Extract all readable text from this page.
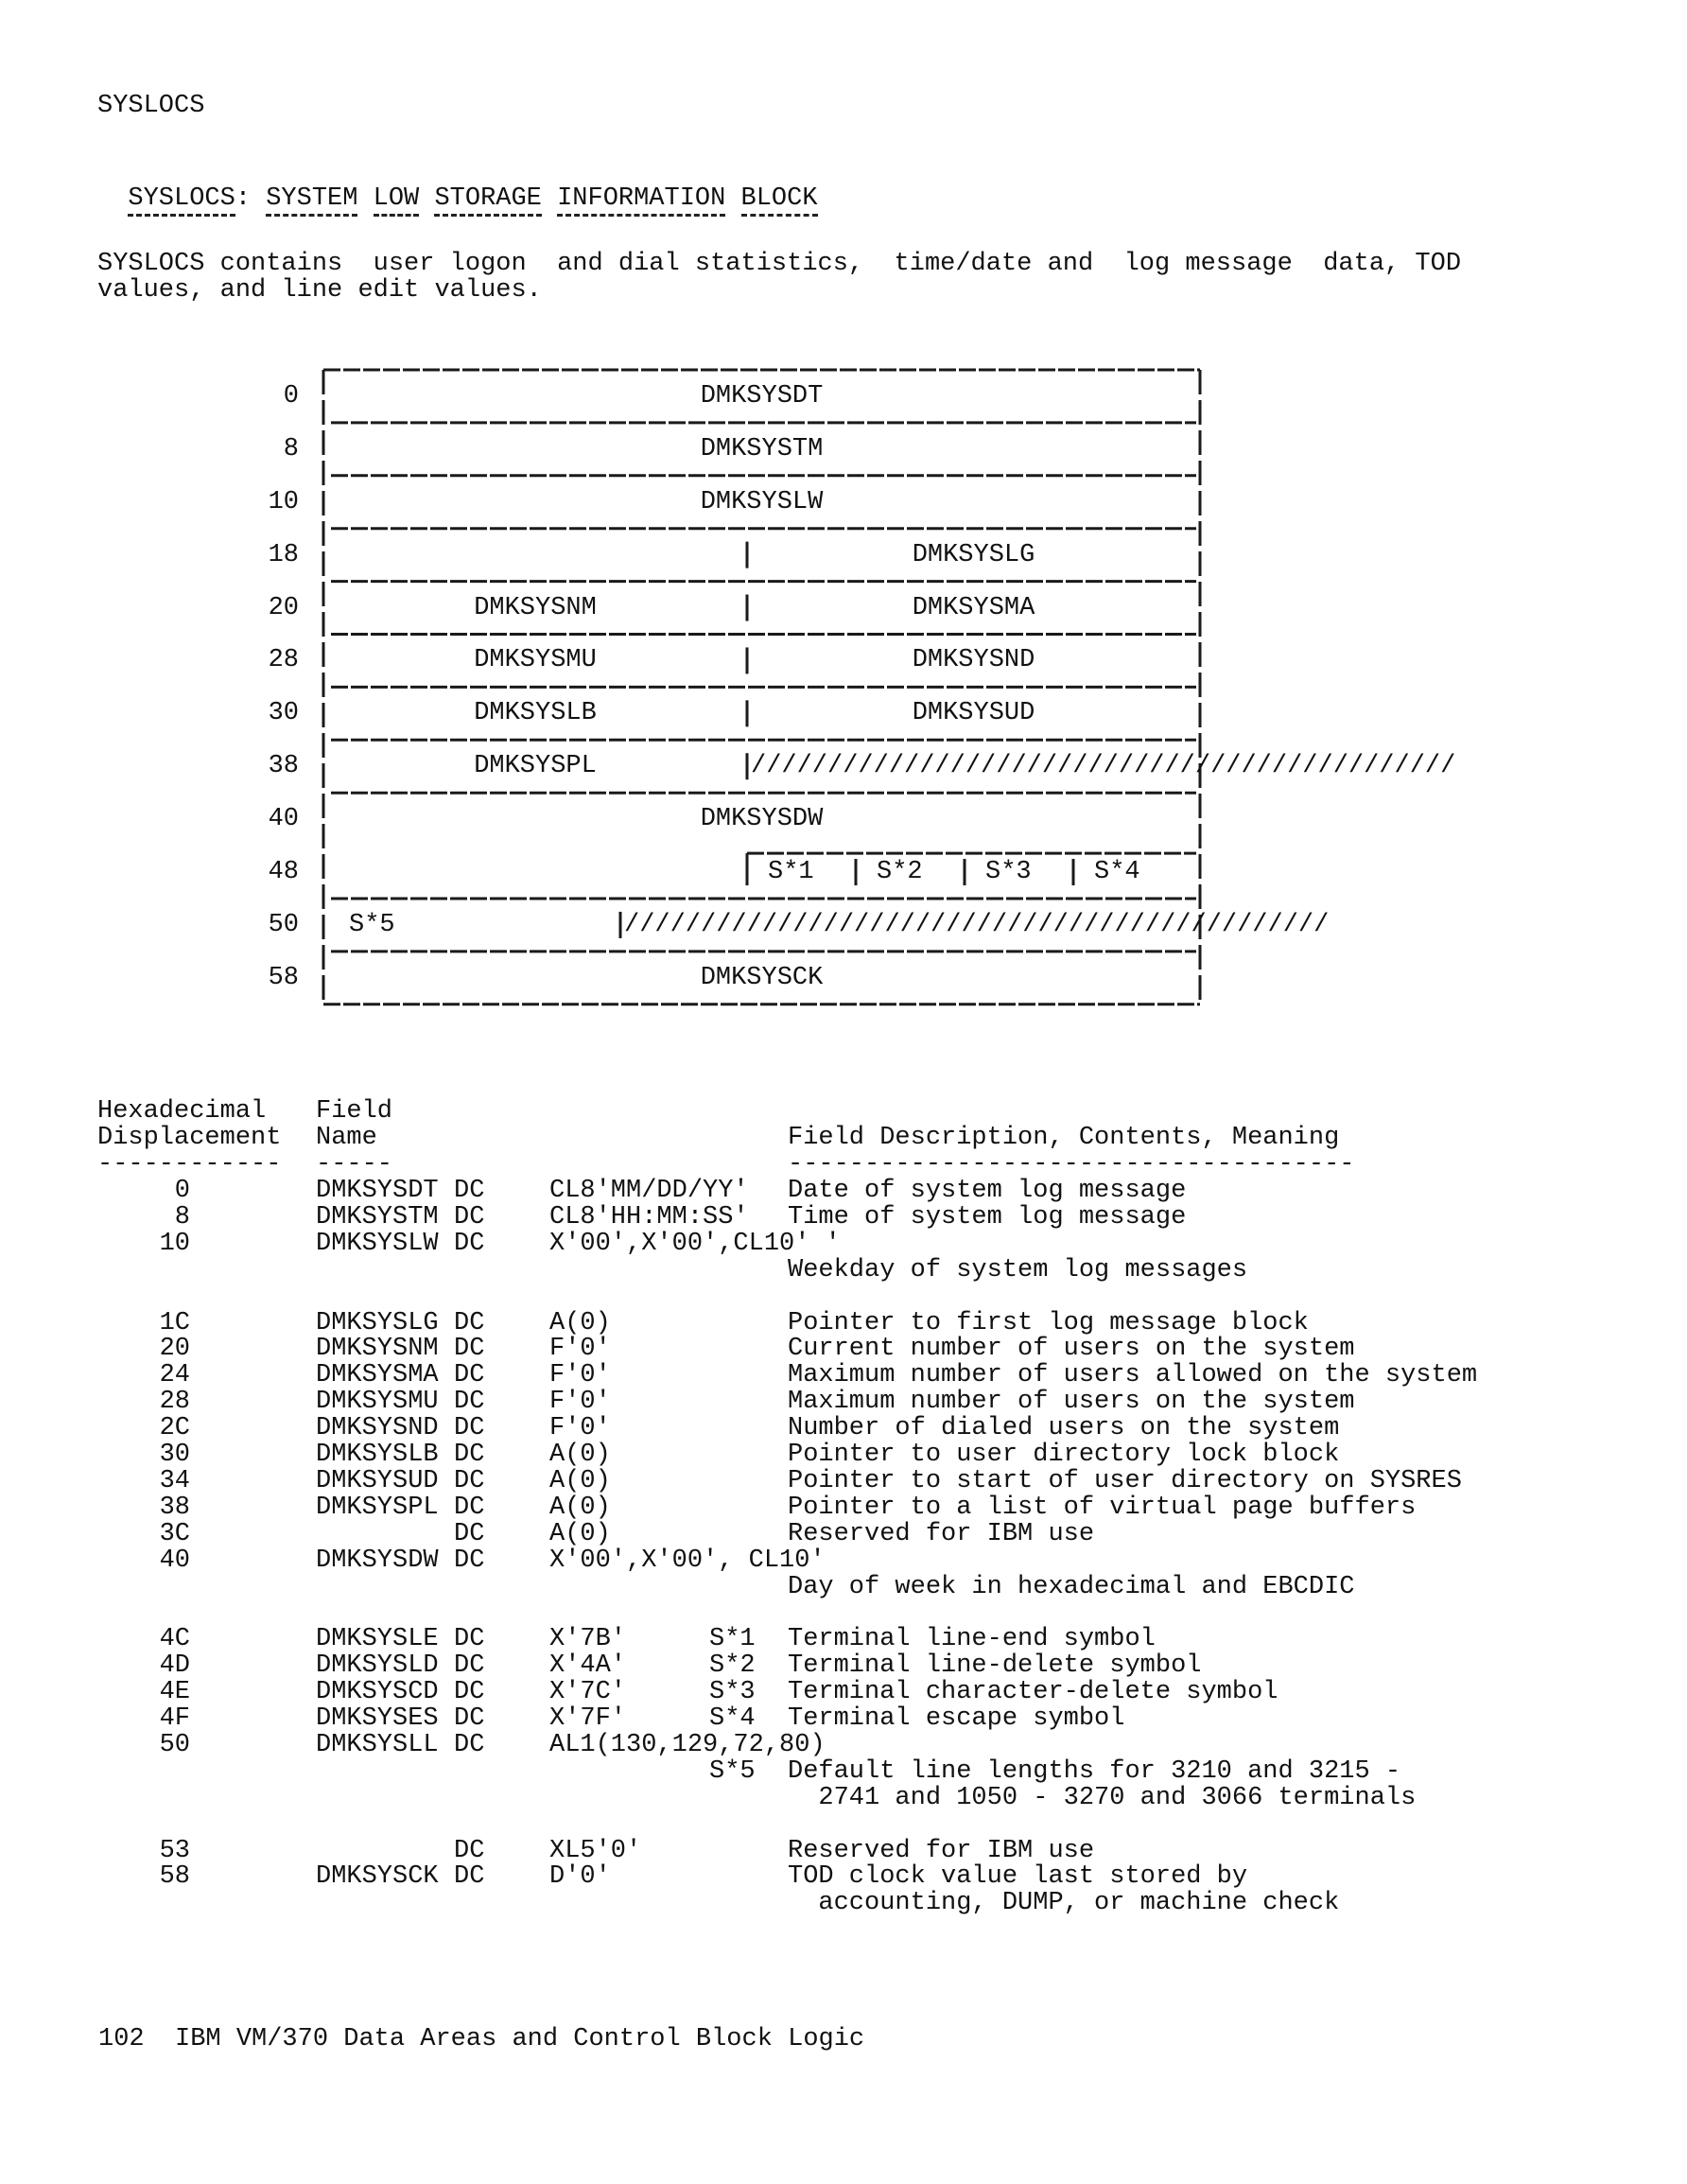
SYSLOCS

SYSLOCS: SYSTEM LOW STORAGE INFORMATION BLOCK

SYSLOCS contains  user logon  and dial statistics,  time/date and  log message  data, TOD
values, and line edit values.
102  IBM VM/370 Data Areas and Control Block Logic
0	DMKSYSDT
8	DMKSYSTM
10	DMKSYSLW
18	DMKSYSLG
20	DMKSYSNM	DMKSYSMA
28	DMKSYSMU	DMKSYSND
30	DMKSYSLB	DMKSYSUD
38	DMKSYSPL	//////////////////////////////////////////////
40	DMKSYSDW
48	S*1 S*2 S*3 S*4
50 S*5	//////////////////////////////////////////////
58	DMKSYSCK
Hexadecimal Field
Displacement Name	Field Description, Contents, Meaning
------------ -----	-------------------------------------
0	DMKSYSDT DC	CL8'MM/DD/YY' Date of system log message
8	DMKSYSTM DC	CL8'HH:MM:SS' Time of system log message
10	DMKSYSLW DC	X'00',X'00',CL10' '
Weekday of system log messages
1C	DMKSYSLG DC	A(0)	Pointer to first log message block
20	DMKSYSNM DC	F'0'	Current number of users on the system
24	DMKSYSMA DC	F'0'	Maximum number of users allowed on the system
28	DMKSYSMU DC	F'0'	Maximum number of users on the system
2C	DMKSYSND DC	F'0'	Number of dialed users on the system
30	DMKSYSLB DC	A(0)	Pointer to user directory lock block
34	DMKSYSUD DC	A(0)	Pointer to start of user directory on SYSRES
38	DMKSYSPL DC	A(0)	Pointer to a list of virtual page buffers
3C	DC	A(0)	Reserved for IBM use
40	DMKSYSDW DC	X'00',X'00', CL10'
Day of week in hexadecimal and EBCDIC
4C	DMKSYSLE DC	X'7B'	S*1 Terminal line-end symbol
4D	DMKSYSLD DC	X'4A'	S*2 Terminal line-delete symbol
4E	DMKSYSCD DC	X'7C'	S*3 Terminal character-delete symbol
4F	DMKSYSES DC	X'7F'	S*4 Terminal escape symbol
50	DMKSYSLL DC	AL1(130,129,72,80)
S*5 Default line lengths for 3210 and 3215 -
2741 and 1050 - 3270 and 3066 terminals
53	DC	XL5'0'	Reserved for IBM use
58	DMKSYSCK DC	D'0'	TOD clock value last stored by
accounting, DUMP, or machine check
